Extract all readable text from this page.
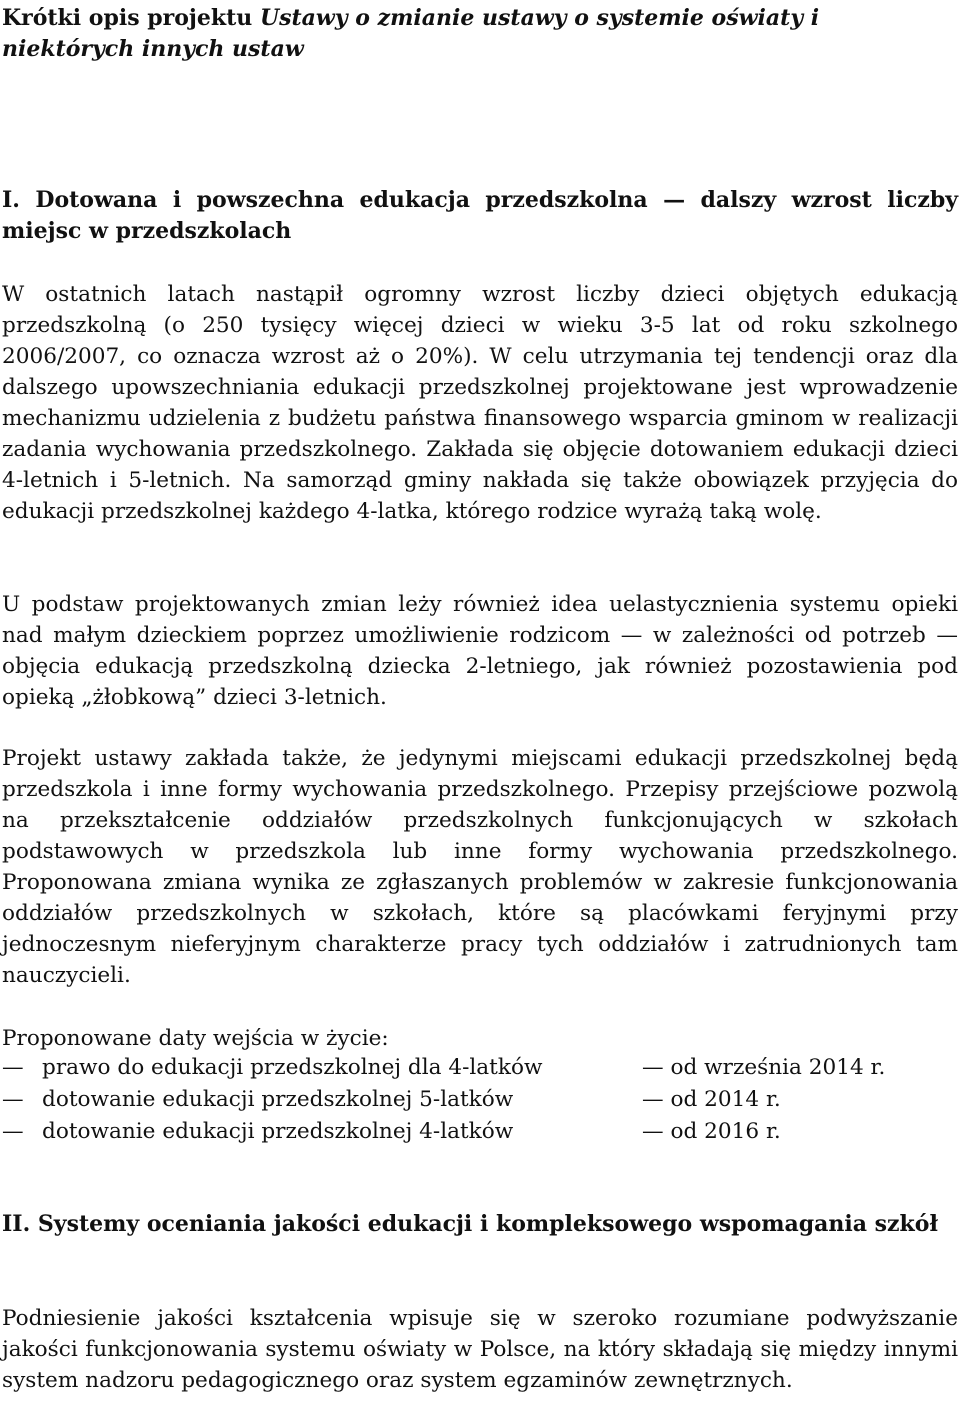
Krótki opis projektu Ustawy o zmianie ustawy o systemie oświaty i niektórych innych ustaw
I. Dotowana i powszechna edukacja przedszkolna — dalszy wzrost liczby miejsc w przedszkolach

W ostatnich latach nastąpił ogromny wzrost liczby dzieci objętych edukacją przedszkolną (o 250 tysięcy więcej dzieci w wieku 3-5 lat od roku szkolnego 2006/2007, co oznacza wzrost aż o 20%). W celu utrzymania tej tendencji oraz dla dalszego upowszechniania edukacji przedszkolnej projektowane jest wprowadzenie mechanizmu udzielenia z budżetu państwa finansowego wsparcia gminom w realizacji zadania wychowania przedszkolnego. Zakłada się objęcie dotowaniem edukacji dzieci 4-letnich i 5-letnich. Na samorząd gminy nakłada się także obowiązek przyjęcia do edukacji przedszkolnej każdego 4-latka, którego rodzice wyrażą taką wolę.

U podstaw projektowanych zmian leży również idea uelastycznienia systemu opieki nad małym dzieckiem poprzez umożliwienie rodzicom — w zależności od potrzeb — objęcia edukacją przedszkolną dziecka 2-letniego, jak również pozostawienia pod opieką „żłobkową” dzieci 3-letnich.

Projekt ustawy zakłada także, że jedynymi miejscami edukacji przedszkolnej będą przedszkola i inne formy wychowania przedszkolnego. Przepisy przejściowe pozwolą na przekształcenie oddziałów przedszkolnych funkcjonujących w szkołach podstawowych w przedszkola lub inne formy wychowania przedszkolnego. Proponowana zmiana wynika ze zgłaszanych problemów w zakresie funkcjonowania oddziałów przedszkolnych w szkołach, które są placówkami feryjnymi przy jednoczesnym nieferyjnym charakterze pracy tych oddziałów i zatrudnionych tam nauczycieli.

Proponowane daty wejścia w życie:

— prawo do edukacji przedszkolnej dla 4-latków	— od września 2014 r.
— dotowanie edukacji przedszkolnej 5-latków	— od 2014 r.
— dotowanie edukacji przedszkolnej 4-latków	— od 2016 r.
II. Systemy oceniania jakości edukacji i kompleksowego wspomagania szkół

Podniesienie jakości kształcenia wpisuje się w szeroko rozumiane podwyższanie jakości funkcjonowania systemu oświaty w Polsce, na który składają się między innymi system nadzoru pedagogicznego oraz system egzaminów zewnętrznych.
